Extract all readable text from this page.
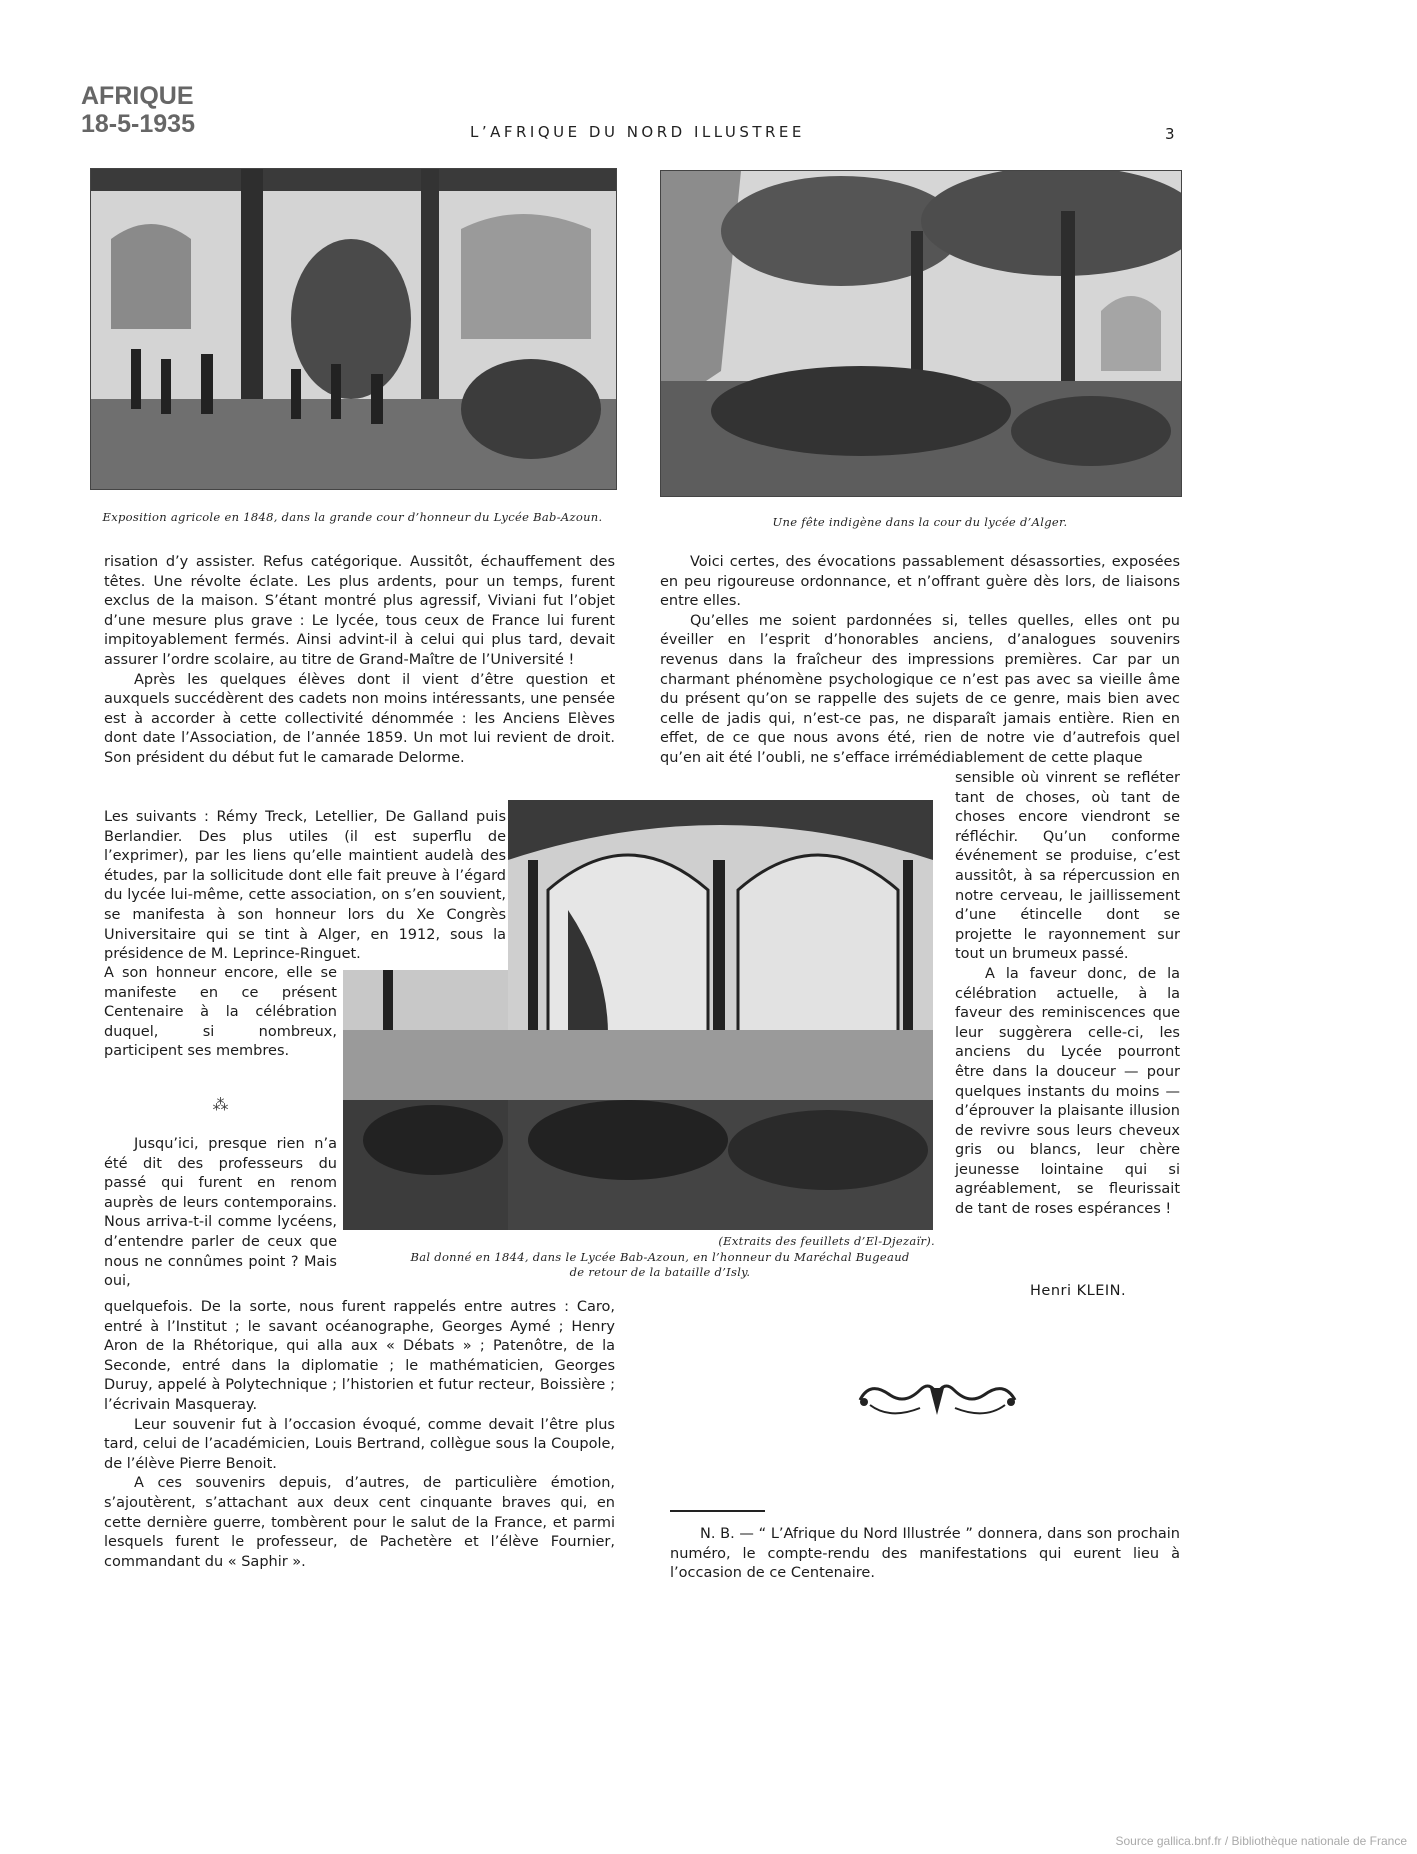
AFRIQUE
18-5-1935	L’AFRIQUE DU NORD ILLUSTREE	3
Exposition agricole en 1848, dans la grande cour d’honneur du Lycée Bab-Azoun.	Une fête indigène dans la cour du lycée d’Alger.

risation d’y assister. Refus catégorique. Aussitôt, échauffement des têtes. Une révolte éclate. Les plus ardents, pour un temps, furent exclus de la maison. S’étant montré plus agressif, Viviani fut l’objet d’une mesure plus grave : Le lycée, tous ceux de France lui furent impitoyablement fermés. Ainsi advint-il à celui qui plus tard, devait assurer l’ordre scolaire, au titre de Grand-Maître de l’Université !

Après les quelques élèves dont il vient d’être question et auxquels succédèrent des cadets non moins intéressants, une pensée est à accorder à cette collectivité dénommée : les Anciens Elèves dont date l’Association, de l’année 1859. Un mot lui revient de droit. Son président du début fut le camarade Delorme.

Les suivants : Rémy Treck, Letellier, De Galland puis Berlandier. Des plus utiles (il est superflu de l’exprimer), par les liens qu’elle maintient audelà des études, par la sollicitude dont elle fait preuve à l’égard du lycée lui-même, cette association, on s’en souvient, se manifesta à son honneur lors du Xe Congrès Universitaire qui se tint à Alger, en 1912, sous la présidence de M. Leprince-Ringuet.
A son honneur encore, elle se manifeste en ce présent Centenaire à la célébration duquel, si nombreux, participent ses membres.
⁂

Jusqu’ici, presque rien n’a été dit des professeurs du passé qui furent en renom auprès de leurs contemporains. Nous arriva-t-il comme lycéens, d’entendre parler de ceux que nous ne connûmes point ? Mais oui,

quelquefois. De la sorte, nous furent rappelés entre autres : Caro, entré à l’Institut ; le savant océanographe, Georges Aymé ; Henry Aron de la Rhétorique, qui alla aux « Débats » ; Patenôtre, de la Seconde, entré dans la diplomatie ; le mathématicien, Georges Duruy, appelé à Polytechnique ; l’historien et futur recteur, Boissière ; l’écrivain Masqueray.

Leur souvenir fut à l’occasion évoqué, comme devait l’être plus tard, celui de l’académicien, Louis Bertrand, collègue sous la Coupole, de l’élève Pierre Benoit.

A ces souvenirs depuis, d’autres, de particulière émotion, s’ajoutèrent, s’attachant aux deux cent cinquante braves qui, en cette dernière guerre, tombèrent pour le salut de la France, et parmi lesquels furent le professeur, de Pachetère et l’élève Fournier, commandant du « Saphir ».

(Extraits des feuillets d’El-Djezaïr).
Bal donné en 1844, dans le Lycée Bab-Azoun, en l’honneur du Maréchal Bugeaud
de retour de la bataille d’Isly.

Voici certes, des évocations passablement désassorties, exposées en peu rigoureuse ordonnance, et n’offrant guère dès lors, de liaisons entre elles.

Qu’elles me soient pardonnées si, telles quelles, elles ont pu éveiller en l’esprit d’honorables anciens, d’analogues souvenirs revenus dans la fraîcheur des impressions premières. Car par un charmant phénomène psychologique ce n’est pas avec sa vieille âme du présent qu’on se rappelle des sujets de ce genre, mais bien avec celle de jadis qui, n’est-ce pas, ne disparaît jamais entière. Rien en effet, de ce que nous avons été, rien de notre vie d’autrefois quel qu’en ait été l’oubli, ne s’efface irrémédiablement de cette plaque

sensible où vinrent se refléter tant de choses, où tant de choses encore viendront se réfléchir. Qu’un conforme événement se produise, c’est aussitôt, à sa répercussion en notre cerveau, le jaillissement d’une étincelle dont se projette le rayonnement sur tout un brumeux passé.

A la faveur donc, de la célébration actuelle, à la faveur des reminiscences que leur suggèrera celle-ci, les anciens du Lycée pourront être dans la douceur — pour quelques instants du moins — d’éprouver la plaisante illusion de revivre sous leurs cheveux gris ou blancs, leur chère jeunesse lointaine qui si agréablement, se fleurissait de tant de roses espérances !

Henri KLEIN.

N. B. — “ L’Afrique du Nord Illustrée ” donnera, dans son prochain numéro, le compte-rendu des manifestations qui eurent lieu à l’occasion de ce Centenaire.

Source gallica.bnf.fr / Bibliothèque nationale de France
